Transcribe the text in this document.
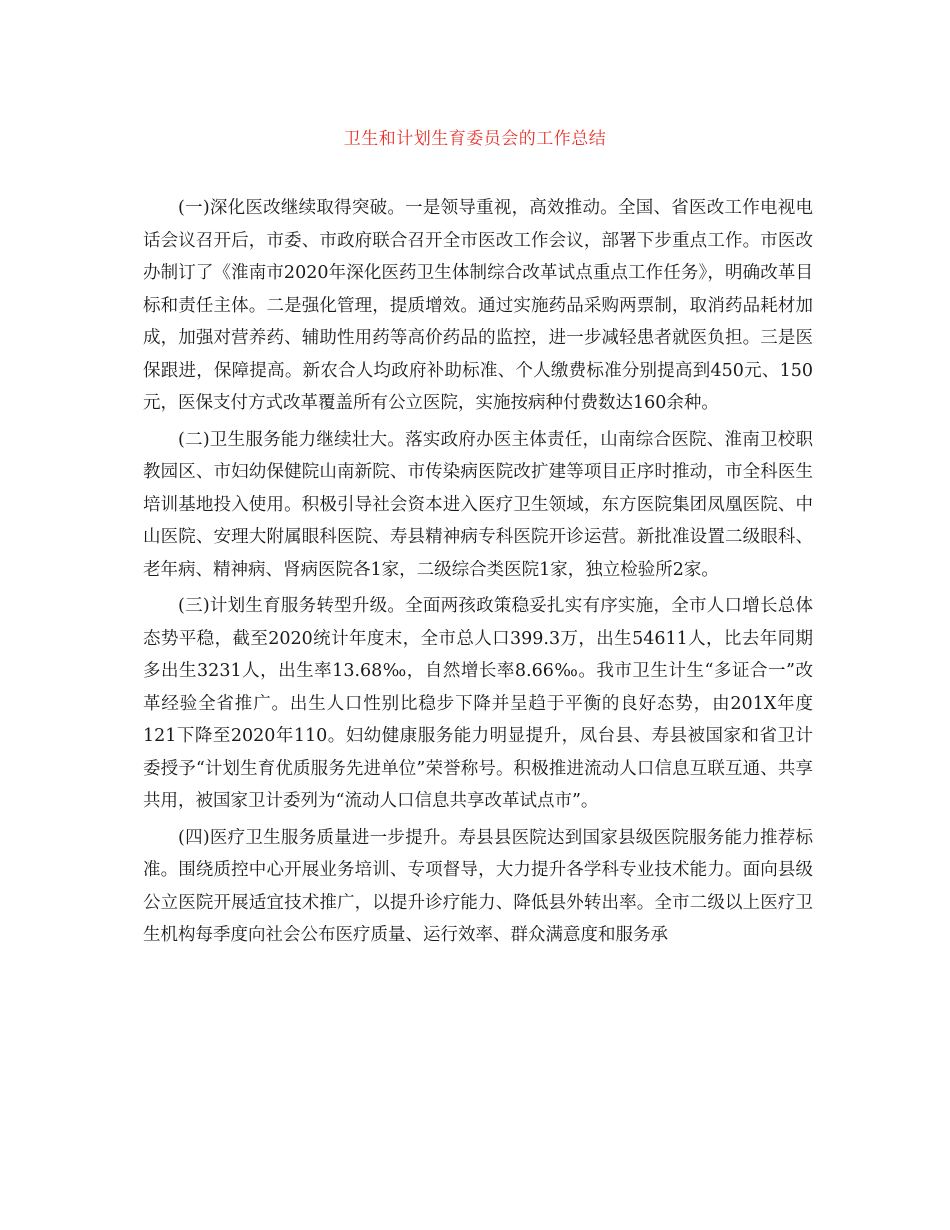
卫生和计划生育委员会的工作总结

(一)深化医改继续取得突破。一是领导重视，高效推动。全国、省医改工作电视电话会议召开后，市委、市政府联合召开全市医改工作会议，部署下步重点工作。市医改办制订了《淮南市2020年深化医药卫生体制综合改革试点重点工作任务》，明确改革目标和责任主体。二是强化管理，提质增效。通过实施药品采购两票制，取消药品耗材加成，加强对营养药、辅助性用药等高价药品的监控，进一步减轻患者就医负担。三是医保跟进，保障提高。新农合人均政府补助标准、个人缴费标准分别提高到450元、150元，医保支付方式改革覆盖所有公立医院，实施按病种付费数达160余种。

(二)卫生服务能力继续壮大。落实政府办医主体责任，山南综合医院、淮南卫校职教园区、市妇幼保健院山南新院、市传染病医院改扩建等项目正序时推动，市全科医生培训基地投入使用。积极引导社会资本进入医疗卫生领域，东方医院集团凤凰医院、中山医院、安理大附属眼科医院、寿县精神病专科医院开诊运营。新批准设置二级眼科、老年病、精神病、肾病医院各1家，二级综合类医院1家，独立检验所2家。

(三)计划生育服务转型升级。全面两孩政策稳妥扎实有序实施，全市人口增长总体态势平稳，截至2020统计年度末，全市总人口399.3万，出生54611人，比去年同期多出生3231人，出生率13.68‰，自然增长率8.66‰。我市卫生计生“多证合一”改革经验全省推广。出生人口性别比稳步下降并呈趋于平衡的良好态势，由201X年度121下降至2020年110。妇幼健康服务能力明显提升，凤台县、寿县被国家和省卫计委授予“计划生育优质服务先进单位”荣誉称号。积极推进流动人口信息互联互通、共享共用，被国家卫计委列为“流动人口信息共享改革试点市”。

(四)医疗卫生服务质量进一步提升。寿县县医院达到国家县级医院服务能力推荐标准。围绕质控中心开展业务培训、专项督导，大力提升各学科专业技术能力。面向县级公立医院开展适宜技术推广，以提升诊疗能力、降低县外转出率。全市二级以上医疗卫生机构每季度向社会公布医疗质量、运行效率、群众满意度和服务承
